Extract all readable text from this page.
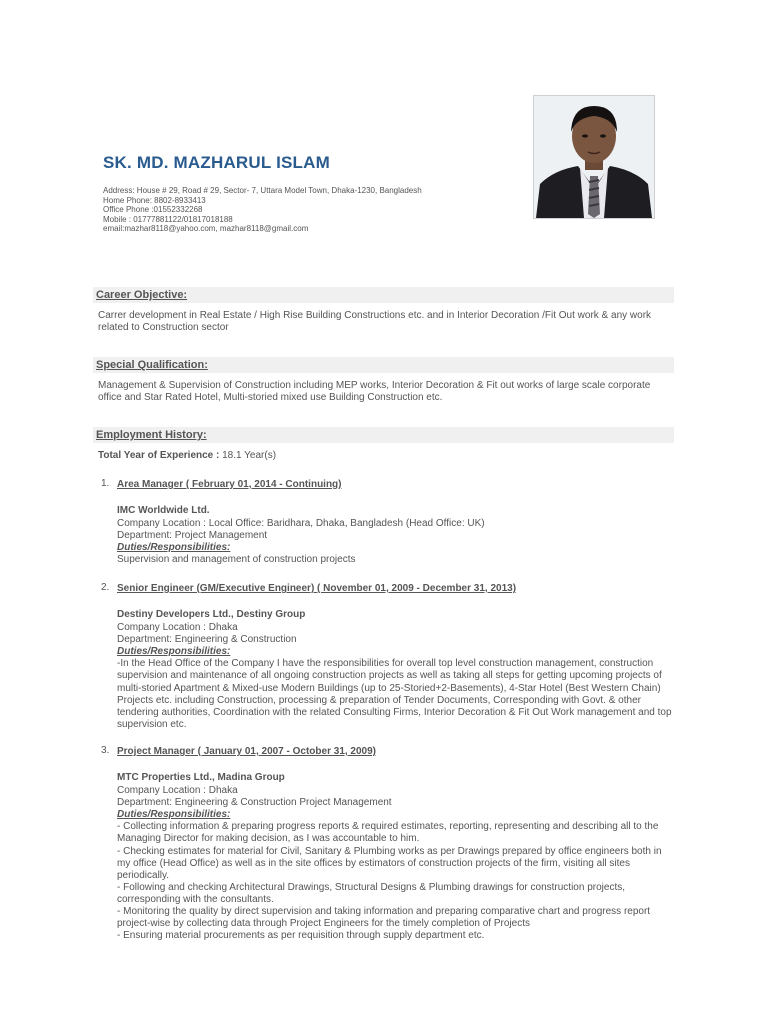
SK. MD. MAZHARUL ISLAM
Address: House # 29, Road # 29, Sector- 7, Uttara Model Town, Dhaka-1230, Bangladesh
Home Phone: 8802-8933413
Office Phone :01552332268
Mobile : 01777881122/01817018188
email:mazhar8118@yahoo.com, mazhar8118@gmail.com
Career Objective:
Carrer development in Real Estate / High Rise Building Constructions etc. and in Interior Decoration /Fit Out work & any work related to Construction sector
Special Qualification:
Management & Supervision of Construction including MEP works, Interior Decoration & Fit out works of large scale corporate office and Star Rated Hotel, Multi-storied mixed use Building Construction etc.
Employment History:
Total Year of Experience : 18.1 Year(s)
1. Area Manager ( February 01, 2014 - Continuing)
IMC Worldwide Ltd.
Company Location : Local Office: Baridhara, Dhaka, Bangladesh (Head Office: UK)
Department: Project Management
Duties/Responsibilities:
Supervision and management of construction projects
2. Senior Engineer (GM/Executive Engineer) ( November 01, 2009 - December 31, 2013)
Destiny Developers Ltd., Destiny Group
Company Location : Dhaka
Department: Engineering & Construction
Duties/Responsibilities:
-In the Head Office of the Company I have the responsibilities for overall top level construction management, construction supervision and maintenance of all ongoing construction projects as well as taking all steps for getting upcoming projects of multi-storied Apartment & Mixed-use Modern Buildings (up to 25-Storied+2-Basements), 4-Star Hotel (Best Western Chain) Projects etc. including Construction, processing & preparation of Tender Documents, Corresponding with Govt. & other tendering authorities, Coordination with the related Consulting Firms, Interior Decoration & Fit Out Work management and top supervision etc.
3. Project Manager ( January 01, 2007 - October 31, 2009)
MTC Properties Ltd., Madina Group
Company Location : Dhaka
Department: Engineering & Construction Project Management
Duties/Responsibilities:
- Collecting information & preparing progress reports & required estimates, reporting, representing and describing all to the Managing Director for making decision, as I was accountable to him.
- Checking estimates for material for Civil, Sanitary & Plumbing works as per Drawings prepared by office engineers both in my office (Head Office) as well as in the site offices by estimators of construction projects of the firm, visiting all sites periodically.
- Following and checking Architectural Drawings, Structural Designs & Plumbing drawings for construction projects, corresponding with the consultants.
- Monitoring the quality by direct supervision and taking information and preparing comparative chart and progress report project-wise by collecting data through Project Engineers for the timely completion of Projects
- Ensuring material procurements as per requisition through supply department etc.
